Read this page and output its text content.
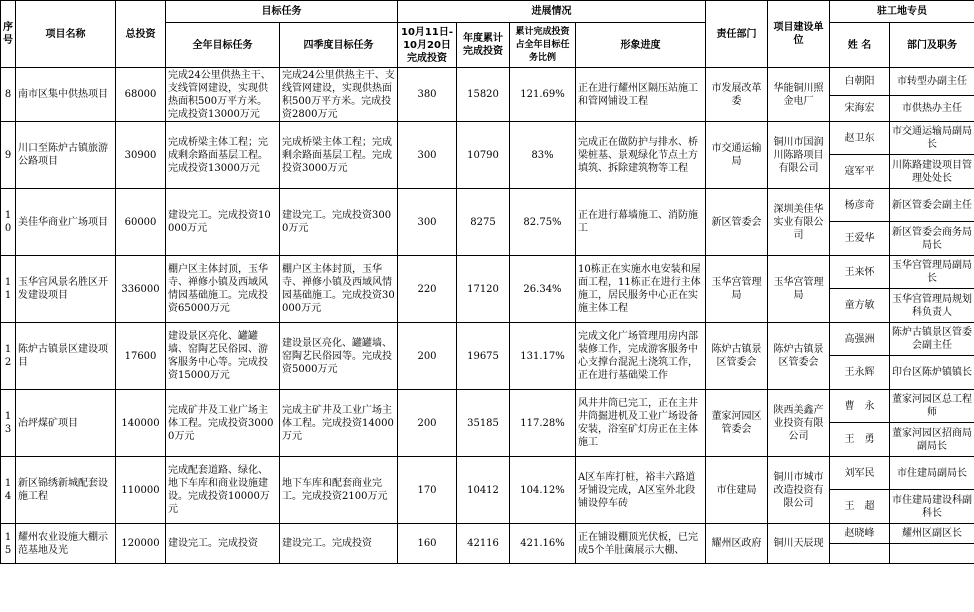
序号	项目名称	总投资	目标任务		进展情况				责任部门	项目建设单位	驻工地专员	
			全年目标任务	四季度目标任务	10月11日-10月20日完成投资	年度累计完成投资	累计完成投资占全年目标任务比例	形象进度			姓 名	部门及职务
8	南市区集中供热项目	68000	完成24公里供热主干、支线管网建设，实现供热面积500万平方米。完成投资13000万元	完成24公里供热主干、支线管网建设，实现供热面积500万平方米。完成投资2800万元	380	15820	121.69%	正在进行耀州区隔压站施工和管网铺设工程	市发展改革委	华能铜川照金电厂	白朝阳	市转型办副主任
											宋海宏	市供热办主任
9	川口至陈炉古镇旅游公路项目	30900	完成桥梁主体工程；完成剩余路面基层工程。完成投资13000万元	完成桥梁主体工程；完成剩余路面基层工程。完成投资3000万元	300	10790	83%	完成正在做防护与排水、桥梁桩基、景观绿化节点土方填筑、拆除建筑物等工程	市交通运输局	铜川市国润川陈路项目有限公司	赵卫东	市交通运输局副局长
											寇军平	川陈路建设项目管理处处长
10	美佳华商业广场项目	60000	建设完工。完成投资10000万元	建设完工。完成投资3000万元	300	8275	82.75%	正在进行幕墙施工、消防施工	新区管委会	深圳美佳华实业有限公司	杨彦奇	新区管委会副主任
											王爱华	新区管委会商务局局长
11	玉华宫风景名胜区开发建设项目	336000	棚户区主体封顶，玉华寺、禅修小镇及西域风情园基础施工。完成投资65000万元	棚户区主体封顶，玉华寺、禅修小镇及西域风情园基础施工。完成投资30000万元	220	17120	26.34%	10栋正在实施水电安装和屋面工程，11栋正在进行主体施工，居民服务中心正在实施主体工程	玉华宫管理局	玉华宫管理局	王来怀	玉华宫管理局副局长
											童方敏	玉华宫管理局规划科负责人
12	陈炉古镇景区建设项目	17600	建设景区亮化、罐罐墙、窑陶艺民俗园、游客服务中心等。完成投资15000万元	建设景区亮化、罐罐墙、窑陶艺民俗园等。完成投资5000万元	200	19675	131.17%	完成文化广场管理用房内部装修工作，完成游客服务中心支撑台混泥土浇筑工作，正在进行基础梁工作	陈炉古镇景区管委会	陈炉古镇景区管委会	高强洲	陈炉古镇景区管委会副主任
											王永辉	印台区陈炉镇镇长
13	冶坪煤矿项目	140000	完成矿井及工业广场主体工程。完成投资30000万元	完成主矿井及工业广场主体工程。完成投资14000万元	200	35185	117.28%	风井井筒已完工，正在主井井筒掘进机及工业广场设备安装，浴室矿灯房正在主体施工	董家河园区管委会	陕西美鑫产业投资有限公司	曹　永	董家河园区总工程师
											王　勇	董家河园区招商局副局长
14	新区锦绣新城配套设施工程	110000	完成配套道路、绿化、地下车库和商业设施建设。完成投资10000万元	地下车库和配套商业完工。完成投资2100万元	170	10412	104.12%	A区车库打桩，裕丰六路道牙铺设完成，A区室外北段铺设停车砖	市住建局	铜川市城市改造投资有限公司	刘军民	市住建局副局长
											王　超	市住建局建设科副科长
15	耀州农业设施大棚示范基地及光	120000	建设完工。完成投资	建设完工。完成投资	160	42116	421.16%	正在铺设棚顶光伏板，已完成5个羊肚菌展示大棚、	耀州区政府	铜川天辰现	赵晓峰	耀州区副区长
